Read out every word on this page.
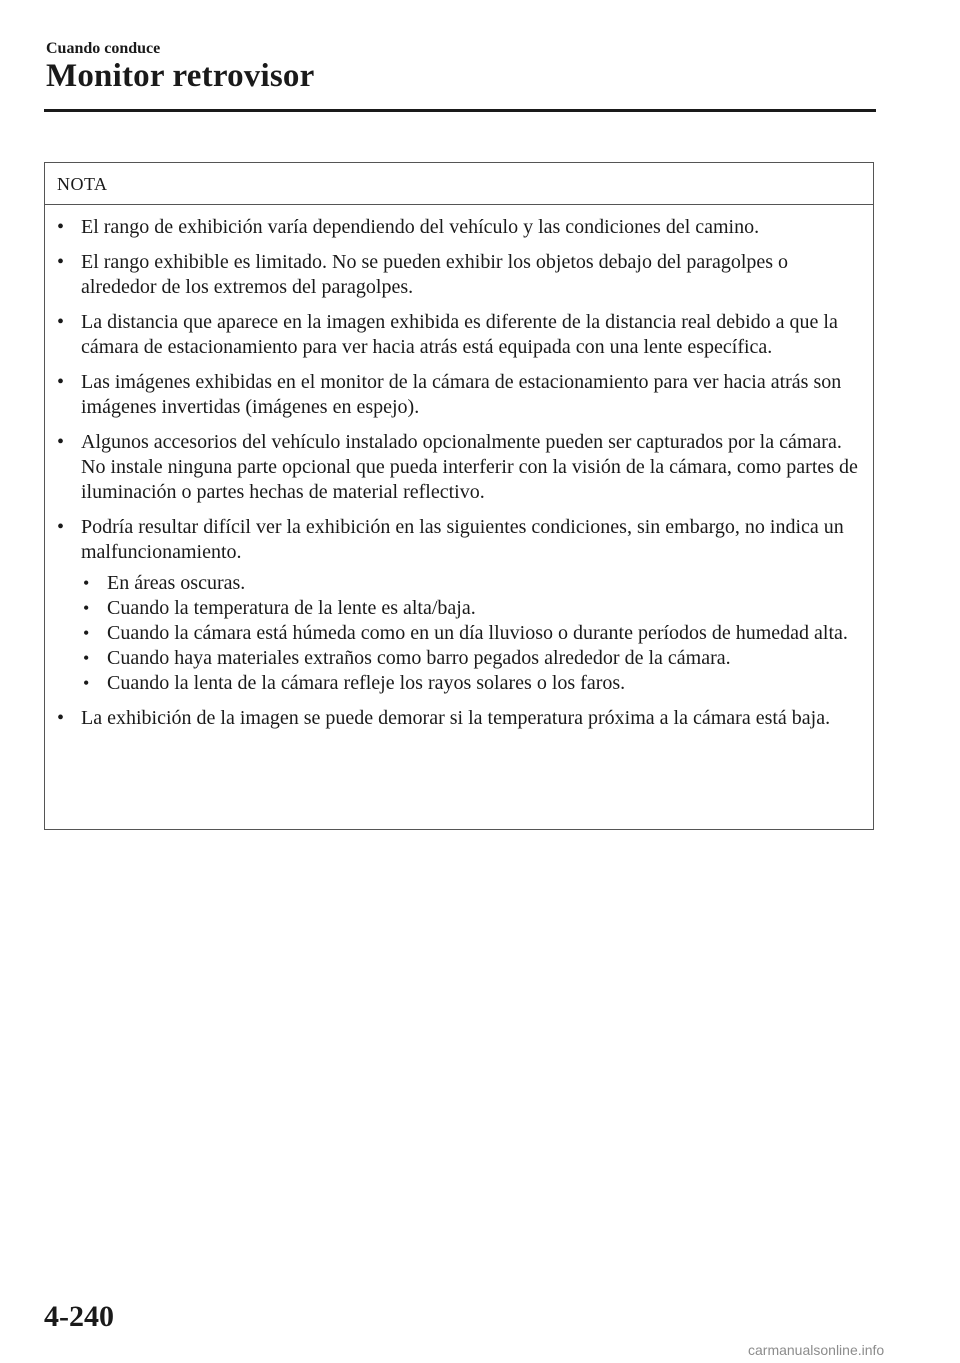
Cuando conduce
Monitor retrovisor
NOTA
• El rango de exhibición varía dependiendo del vehículo y las condiciones del camino.
• El rango exhibible es limitado. No se pueden exhibir los objetos debajo del paragolpes o alrededor de los extremos del paragolpes.
• La distancia que aparece en la imagen exhibida es diferente de la distancia real debido a que la cámara de estacionamiento para ver hacia atrás está equipada con una lente específica.
• Las imágenes exhibidas en el monitor de la cámara de estacionamiento para ver hacia atrás son imágenes invertidas (imágenes en espejo).
• Algunos accesorios del vehículo instalado opcionalmente pueden ser capturados por la cámara. No instale ninguna parte opcional que pueda interferir con la visión de la cámara, como partes de iluminación o partes hechas de material reflectivo.
• Podría resultar difícil ver la exhibición en las siguientes condiciones, sin embargo, no indica un malfuncionamiento.
• En áreas oscuras.
• Cuando la temperatura de la lente es alta/baja.
• Cuando la cámara está húmeda como en un día lluvioso o durante períodos de humedad alta.
• Cuando haya materiales extraños como barro pegados alrededor de la cámara.
• Cuando la lenta de la cámara refleje los rayos solares o los faros.
• La exhibición de la imagen se puede demorar si la temperatura próxima a la cámara está baja.
4-240
carmanualsonline.info
